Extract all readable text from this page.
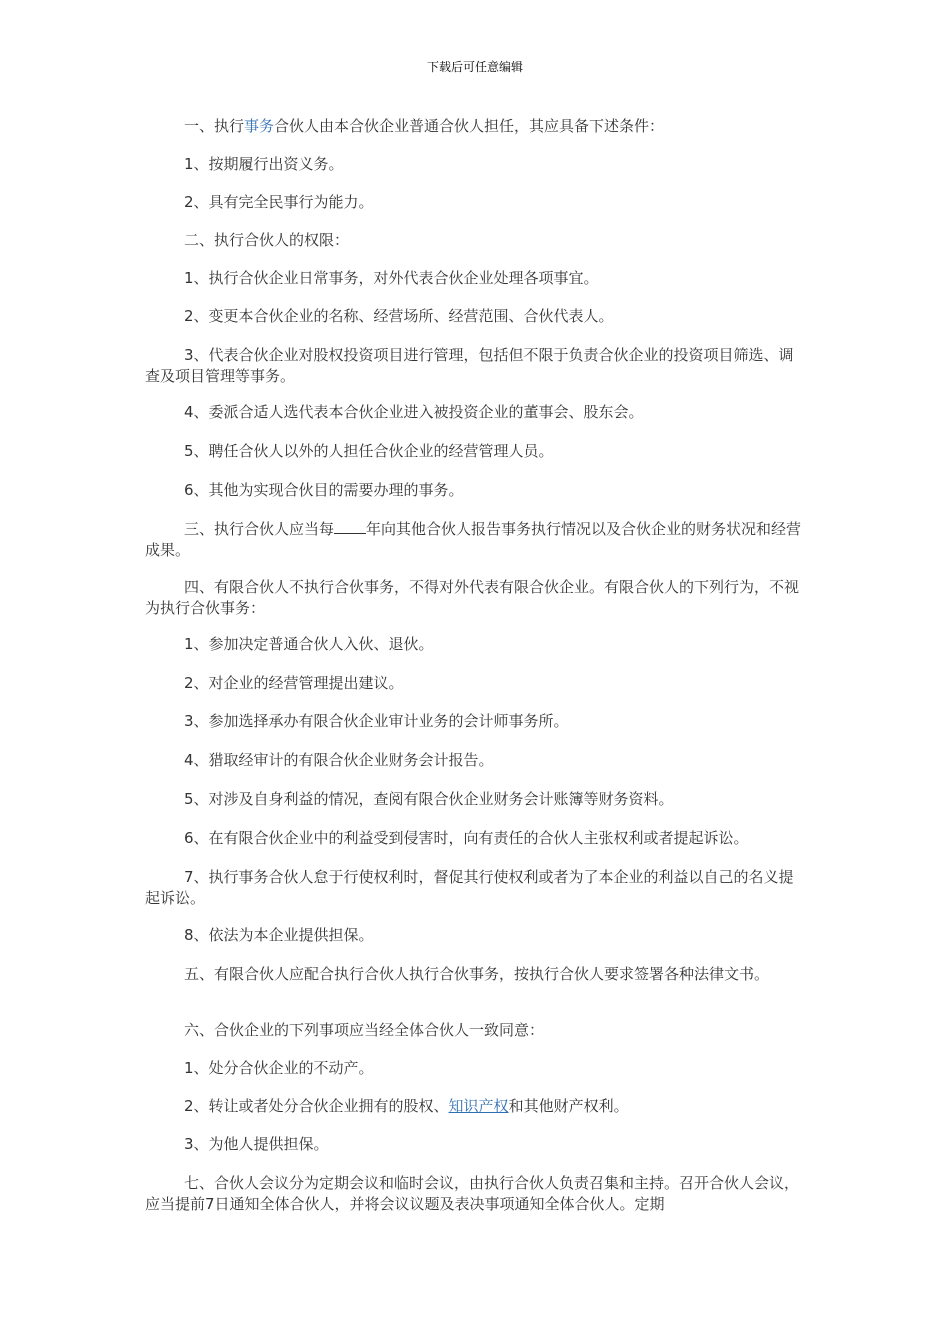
下载后可任意编辑
一、执行事务合伙人由本合伙企业普通合伙人担任，其应具备下述条件：
1、按期履行出资义务。
2、具有完全民事行为能力。
二、执行合伙人的权限：
1、执行合伙企业日常事务，对外代表合伙企业处理各项事宜。
2、变更本合伙企业的名称、经营场所、经营范围、合伙代表人。
3、代表合伙企业对股权投资项目进行管理，包括但不限于负责合伙企业的投资项目筛选、调查及项目管理等事务。
4、委派合适人选代表本合伙企业进入被投资企业的董事会、股东会。
5、聘任合伙人以外的人担任合伙企业的经营管理人员。
6、其他为实现合伙目的需要办理的事务。
三、执行合伙人应当每 年向其他合伙人报告事务执行情况以及合伙企业的财务状况和经营成果。
四、有限合伙人不执行合伙事务，不得对外代表有限合伙企业。有限合伙人的下列行为，不视为执行合伙事务：
1、参加决定普通合伙人入伙、退伙。
2、对企业的经营管理提出建议。
3、参加选择承办有限合伙企业审计业务的会计师事务所。
4、猎取经审计的有限合伙企业财务会计报告。
5、对涉及自身利益的情况，查阅有限合伙企业财务会计账簿等财务资料。
6、在有限合伙企业中的利益受到侵害时，向有责任的合伙人主张权利或者提起诉讼。
7、执行事务合伙人怠于行使权利时，督促其行使权利或者为了本企业的利益以自己的名义提起诉讼。
8、依法为本企业提供担保。
五、有限合伙人应配合执行合伙人执行合伙事务，按执行合伙人要求签署各种法律文书。
六、合伙企业的下列事项应当经全体合伙人一致同意：
1、处分合伙企业的不动产。
2、转让或者处分合伙企业拥有的股权、知识产权和其他财产权利。
3、为他人提供担保。
七、合伙人会议分为定期会议和临时会议，由执行合伙人负责召集和主持。召开合伙人会议，应当提前7日通知全体合伙人，并将会议议题及表决事项通知全体合伙人。定期
